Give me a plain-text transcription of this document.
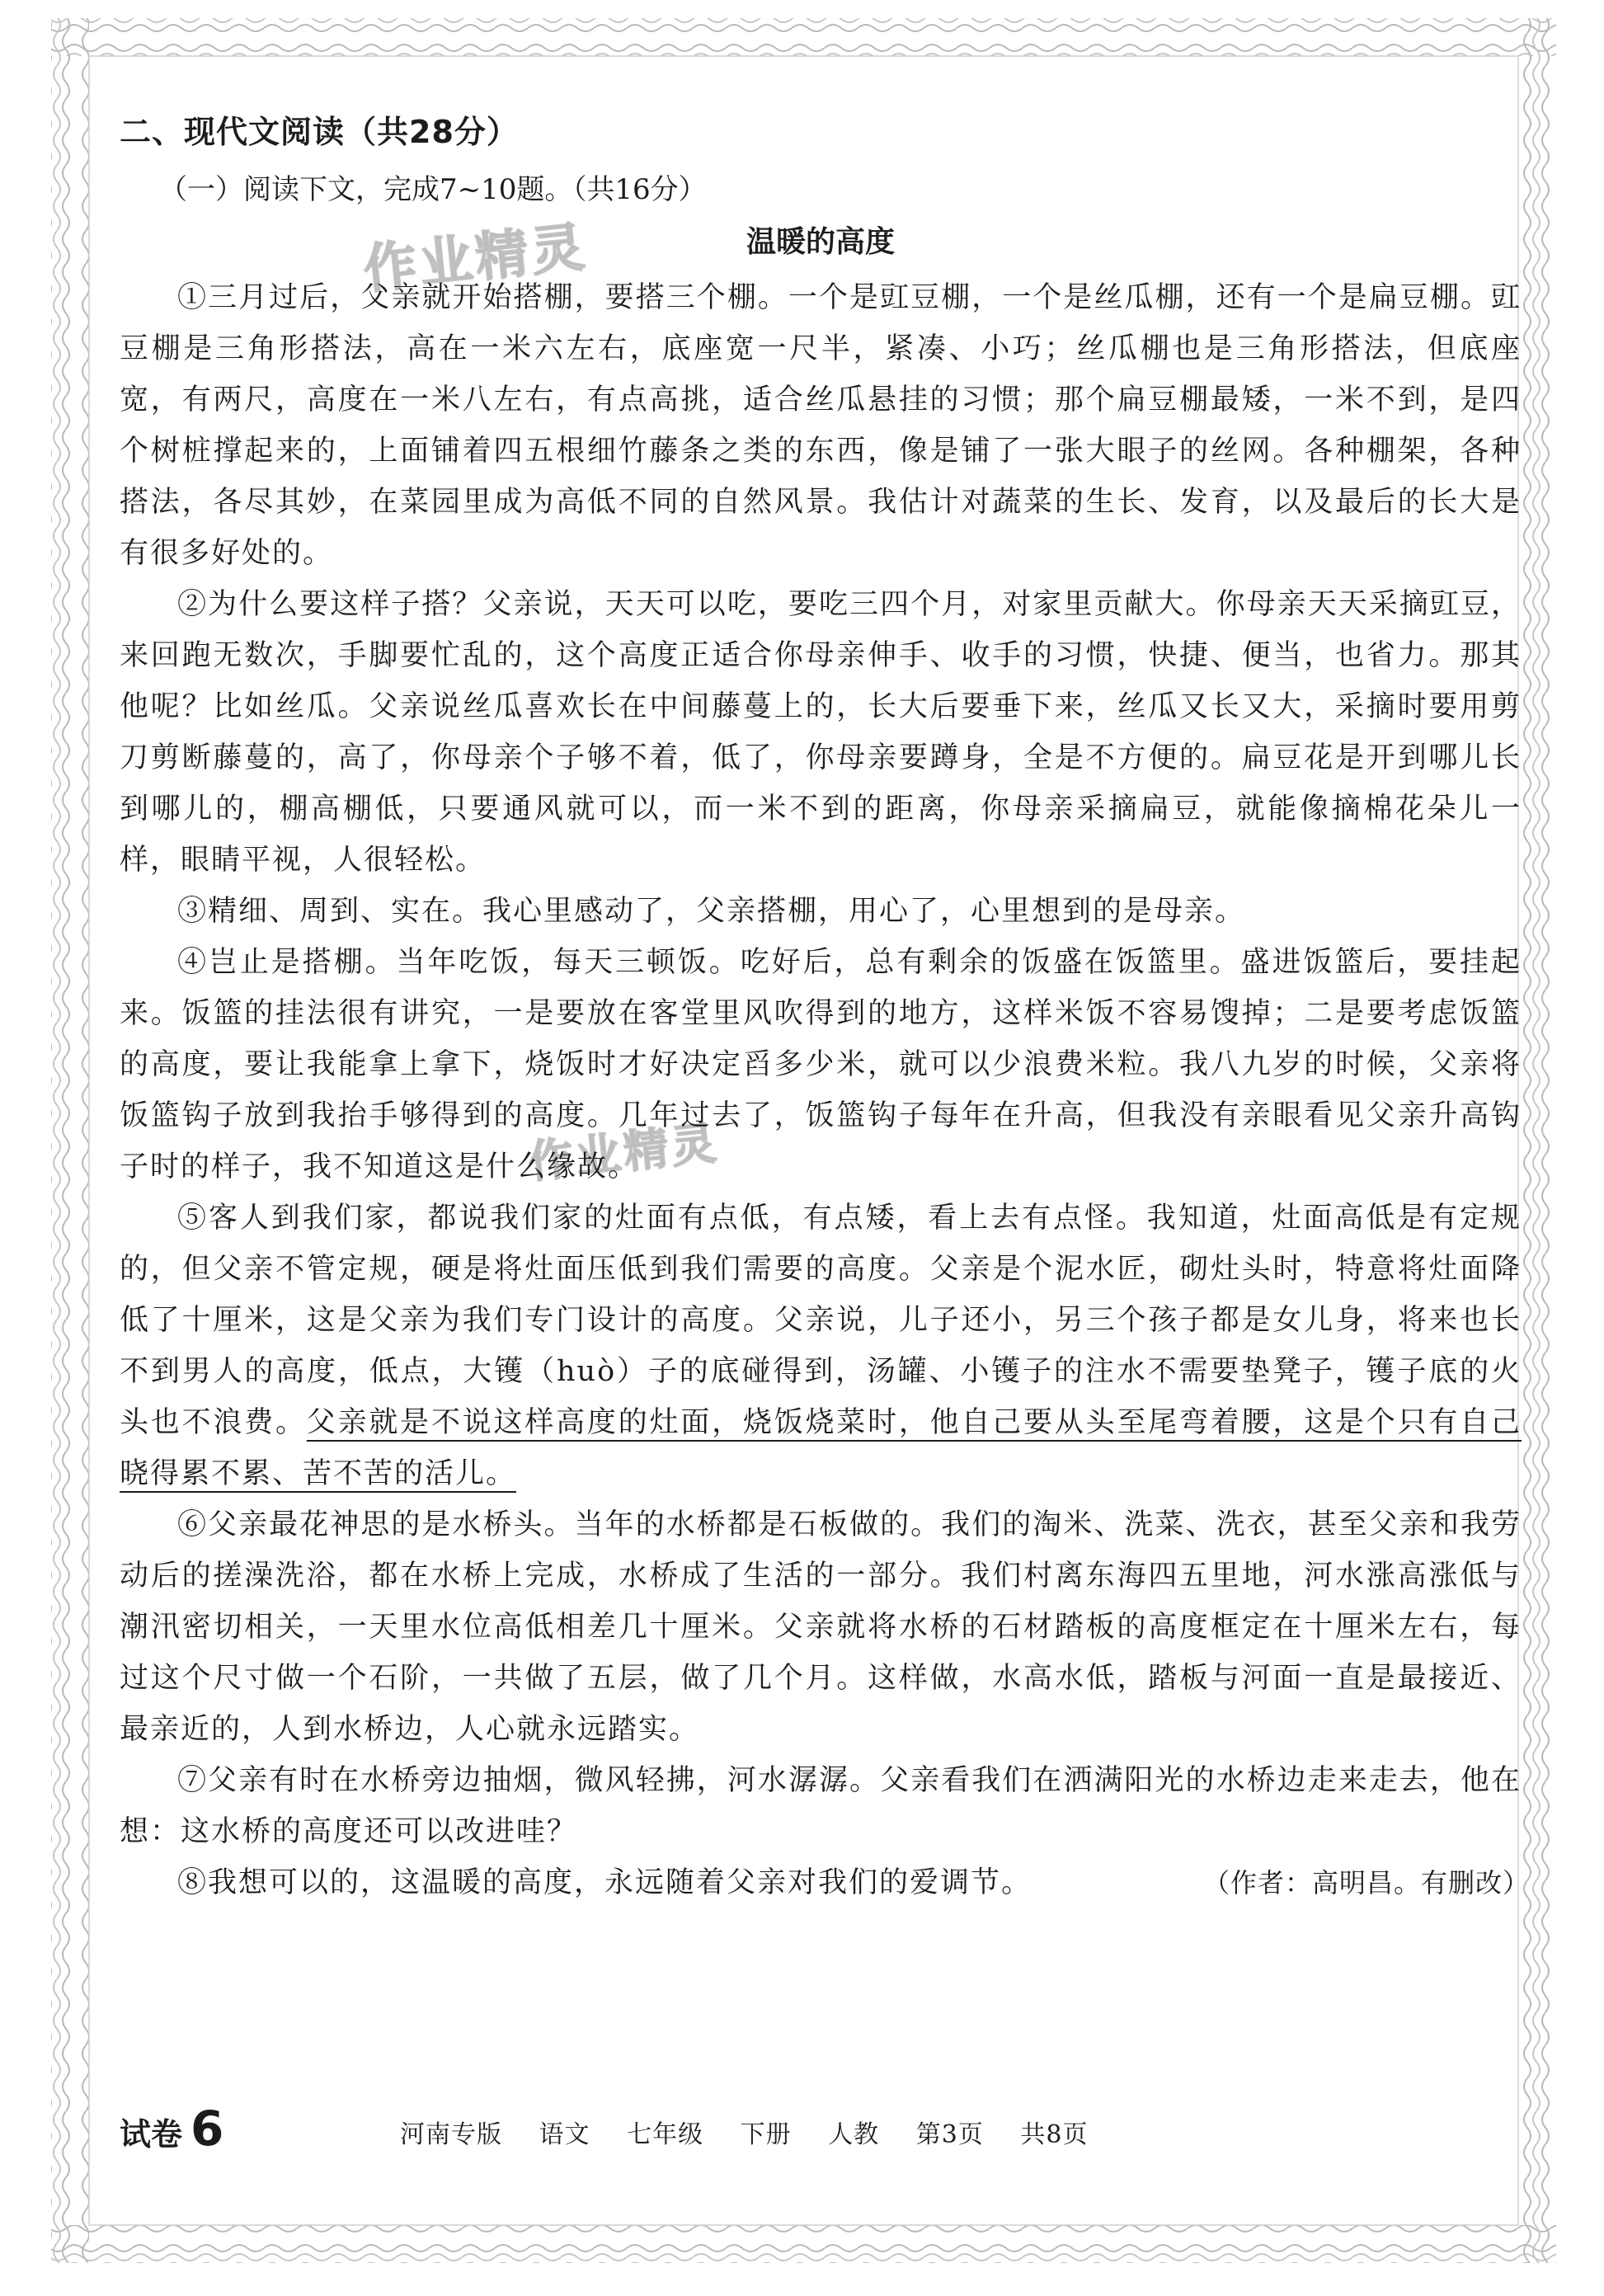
作业精灵
作业精灵
二、现代文阅读（共28分）
（一）阅读下文，完成7~10题。（共16分）
温暖的高度

①三月过后，父亲就开始搭棚，要搭三个棚。一个是豇豆棚，一个是丝瓜棚，还有一个是扁豆棚。豇豆棚是三角形搭法，高在一米六左右，底座宽一尺半，紧凑、小巧；丝瓜棚也是三角形搭法，但底座宽，有两尺，高度在一米八左右，有点高挑，适合丝瓜悬挂的习惯；那个扁豆棚最矮，一米不到，是四个树桩撑起来的，上面铺着四五根细竹藤条之类的东西，像是铺了一张大眼子的丝网。各种棚架，各种搭法，各尽其妙，在菜园里成为高低不同的自然风景。我估计对蔬菜的生长、发育，以及最后的长大是有很多好处的。

②为什么要这样子搭？父亲说，天天可以吃，要吃三四个月，对家里贡献大。你母亲天天采摘豇豆，来回跑无数次，手脚要忙乱的，这个高度正适合你母亲伸手、收手的习惯，快捷、便当，也省力。那其他呢？比如丝瓜。父亲说丝瓜喜欢长在中间藤蔓上的，长大后要垂下来，丝瓜又长又大，采摘时要用剪刀剪断藤蔓的，高了，你母亲个子够不着，低了，你母亲要蹲身，全是不方便的。扁豆花是开到哪儿长到哪儿的，棚高棚低，只要通风就可以，而一米不到的距离，你母亲采摘扁豆，就能像摘棉花朵儿一样，眼睛平视，人很轻松。

③精细、周到、实在。我心里感动了，父亲搭棚，用心了，心里想到的是母亲。

④岂止是搭棚。当年吃饭，每天三顿饭。吃好后，总有剩余的饭盛在饭篮里。盛进饭篮后，要挂起来。饭篮的挂法很有讲究，一是要放在客堂里风吹得到的地方，这样米饭不容易馊掉；二是要考虑饭篮的高度，要让我能拿上拿下，烧饭时才好决定舀多少米，就可以少浪费米粒。我八九岁的时候，父亲将饭篮钩子放到我抬手够得到的高度。几年过去了，饭篮钩子每年在升高，但我没有亲眼看见父亲升高钩子时的样子，我不知道这是什么缘故。

⑤客人到我们家，都说我们家的灶面有点低，有点矮，看上去有点怪。我知道，灶面高低是有定规的，但父亲不管定规，硬是将灶面压低到我们需要的高度。父亲是个泥水匠，砌灶头时，特意将灶面降低了十厘米，这是父亲为我们专门设计的高度。父亲说，儿子还小，另三个孩子都是女儿身，将来也长不到男人的高度，低点，大镬（huò）子的底碰得到，汤罐、小镬子的注水不需要垫凳子，镬子底的火头也不浪费。父亲就是不说这样高度的灶面，烧饭烧菜时，他自己要从头至尾弯着腰，这是个只有自己晓得累不累、苦不苦的活儿。

⑥父亲最花神思的是水桥头。当年的水桥都是石板做的。我们的淘米、洗菜、洗衣，甚至父亲和我劳动后的搓澡洗浴，都在水桥上完成，水桥成了生活的一部分。我们村离东海四五里地，河水涨高涨低与潮汛密切相关，一天里水位高低相差几十厘米。父亲就将水桥的石材踏板的高度框定在十厘米左右，每过这个尺寸做一个石阶，一共做了五层，做了几个月。这样做，水高水低，踏板与河面一直是最接近、最亲近的，人到水桥边，人心就永远踏实。

⑦父亲有时在水桥旁边抽烟，微风轻拂，河水潺潺。父亲看我们在洒满阳光的水桥边走来走去，他在想：这水桥的高度还可以改进哇？

⑧我想可以的，这温暖的高度，永远随着父亲对我们的爱调节。	（作者：高明昌。有删改）
试卷 6	河南专版 语文 七年级 下册 人教 第3页 共8页
